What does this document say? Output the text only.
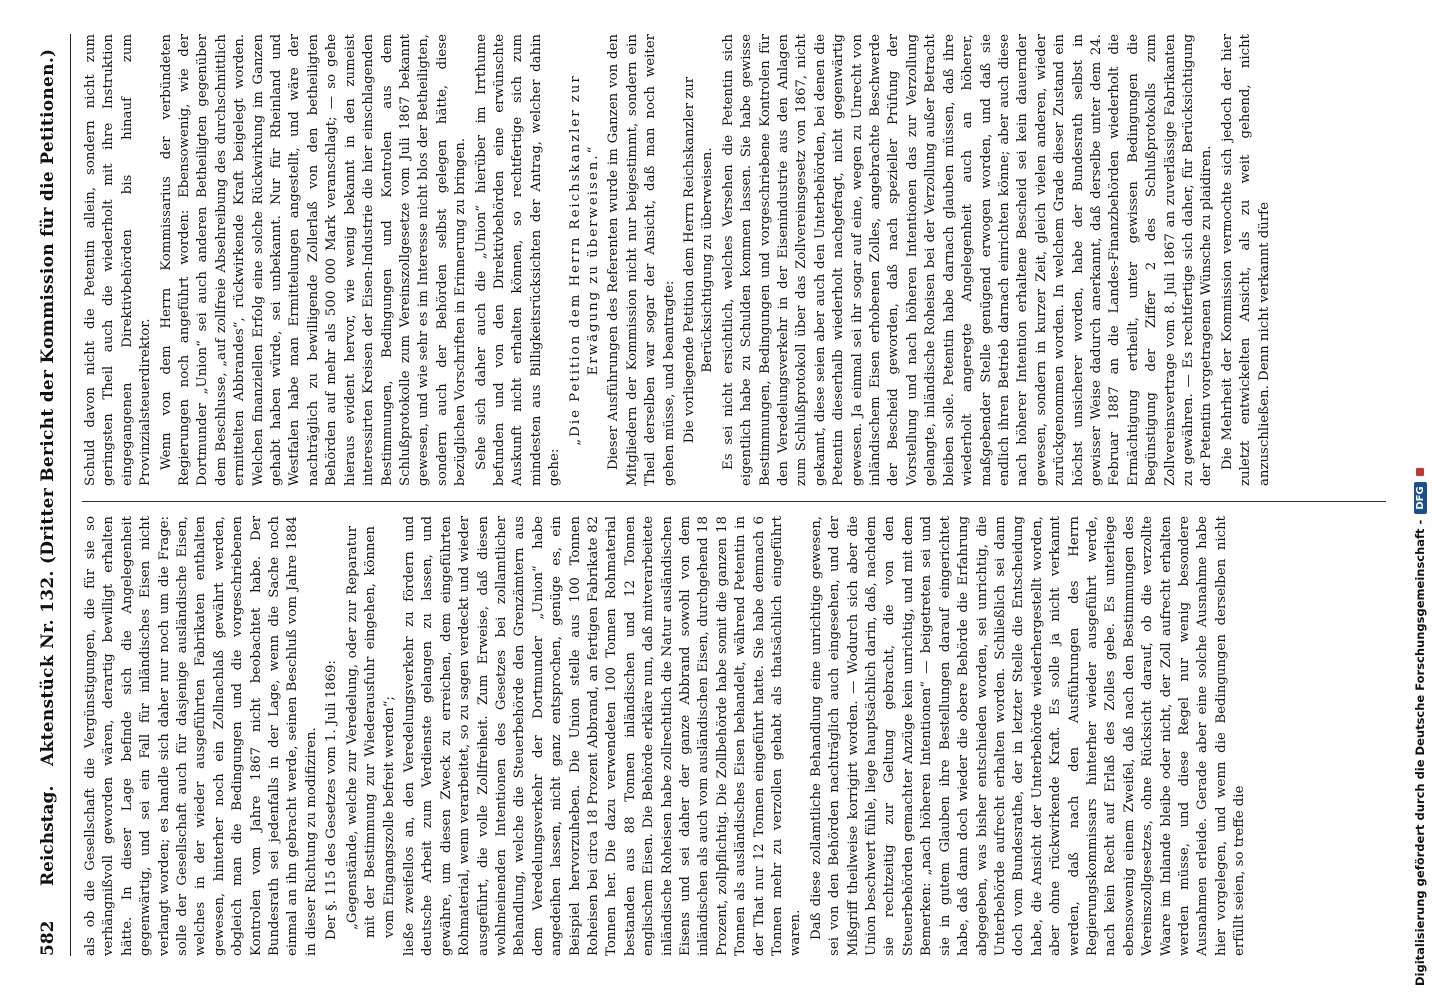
582
Reichstag.
Aktenstück Nr. 132. (Dritter Bericht der Kommission für die Petitionen.) als ob die Gesellschaft die Vergünstigungen, die für sie so verhängnißvoll geworden wären, derartig bewilligt erhalten hätte. In dieser Lage befinde sich die Angelegenheit gegenwärtig, und sei ein Fall für inländisches Eisen nicht verlangt worden; es handle sich daher nur noch um die Frage: solle der Gesellschaft auch für dasjenige ausländische Eisen, welches in der wieder ausgeführten Fabrikaten enthalten gewesen, hinterher noch ein Zollnachlaß gewährt werden, obgleich man die Bedingungen und die vorgeschriebenen Kontrolen vom Jahre 1867 nicht beobachtet habe. Der Bundesrath sei jedenfalls in der Lage, wenn die Sache noch einmal an ihn gebracht werde, seinen Beschluß vom Jahre 1884 in dieser Richtung zu modifiziren. Der §. 115 des Gesetzes vom 1. Juli 1869: „Gegenstände, welche zur Veredelung, oder zur Reparatur mit der Bestimmung zur Wiederausfuhr eingehen, können vom Eingangszolle befreit werden“; ließe zweifellos an, den Veredelungsverkehr zu fördern und deutsche Arbeit zum Verdienste gelangen zu lassen, und gewähre, um diesen Zweck zu erreichen, dem eingeführten Rohmaterial, wenn verarbeitet, so zu sagen verdeckt und wieder ausgeführt, die volle Zollfreiheit. Zum Erweise, daß diesen wohlmeinenden Intentionen des Gesetzes bei zollamtlicher Behandlung, welche die Steuerbehörde den Grenzämtern aus dem Veredelungsverkehr der Dortmunder „Union“ habe angedeihen lassen, nicht ganz entsprochen, genüge es, ein Beispiel hervorzuheben. Die Union stelle aus 100 Tonnen Roheisen bei circa 18 Prozent Abbrand, an fertigen Fabrikate 82 Tonnen her. Die dazu verwendeten 100 Tonnen Rohmaterial bestanden aus 88 Tonnen inländischen und 12 Tonnen englischem Eisen. Die Behörde erkläre nun, daß mitverarbeitete inländische Roheisen habe zollrechtlich die Natur ausländischen Eisens und sei daher der ganze Abbrand sowohl von dem inländischen als auch vom ausländischen Eisen, durchgehend 18 Prozent, zollpflichtig. Die Zollbehörde habe somit die ganzen 18 Tonnen als ausländisches Eisen behandelt, während Petentin in der That nur 12 Tonnen eingeführt hatte. Sie habe demnach 6 Tonnen mehr zu verzollen gehabt als thatsächlich eingeführt waren. Daß diese zollamtliche Behandlung eine unrichtige gewesen, sei von den Behörden nachträglich auch eingesehen, und der Mißgriff theilweise korrigirt worden. — Wodurch sich aber die Union beschwert fühle, liege hauptsächlich darin, daß, nachdem sie rechtzeitig zur Geltung gebracht, die von den Steuerbehörden gemachter Anzüge kein unrichtig, und mit dem Bemerken: „nach höheren Intentionen“ — beigetreten sei und sie in gutem Glauben ihre Bestellungen darauf eingerichtet habe, daß dann doch wieder die obere Behörde die Erfahrung abgegeben, was bisher entschieden worden, sei unrichtig, die Unterbehörde aufrecht erhalten worden. Schließlich sei dann doch vom Bundesrathe, der in letzter Stelle die Entscheidung habe, die Ansicht der Unterbehörde wiederhergestellt worden, aber ohne rückwirkende Kraft. Es solle ja nicht verkannt werden, daß nach den Ausführungen des Herrn Regierungskommissars hinterher wieder ausgeführt werde, nach kein Recht auf Erlaß des Zolles gebe. Es unterliege ebensowenig einem Zweifel, daß nach den Bestimmungen des Vereinszollgesetzes, ohne Rücksicht darauf, ob die verzollte Waare im Inlande bleibe oder nicht, der Zoll aufrecht erhalten werden müsse, und diese Regel nur wenig besondere Ausnahmen erleide. Gerade aber eine solche Ausnahme habe hier vorgelegen, und wenn die Bedingungen derselben nicht erfüllt seien, so treffe die

Schuld davon nicht die Petentin allein, sondern nicht zum geringsten Theil auch die wiederholt mit ihre Instruktion eingegangenen Direktivbehörden bis hinauf zum Provinzialsteuerdirektor. Wenn von dem Herrn Kommissarius der verbündeten Regierungen noch angeführt worden: Ebensowenig, wie der Dortmunder „Union“ sei auch anderen Betheiligten gegenüber dem Beschlusse, „auf zollfreie Absehreibung des durchschnittlich ermittelten Abbrandes“, rückwirkende Kraft beigelegt worden. Welchen finanziellen Erfolg eine solche Rückwirkung im Ganzen gehabt haben würde, sei unbekannt. Nur für Rheinland und Westfalen habe man Ermittelungen angestellt, und wäre der nachträglich zu bewilligende Zollerlaß von den betheiligten Behörden auf mehr als 500 000 Mark veranschlagt; — so gehe hieraus evident hervor, wie wenig bekannt in den zumeist interessirten Kreisen der Eisen-Industrie die hier einschlagenden Bestimmungen, Bedingungen und Kontrolen aus dem Schlußprotokolle zum Vereinszollgesetze vom Juli 1867 bekannt gewesen, und wie sehr es im Interesse nicht blos der Betheiligten, sondern auch der Behörden selbst gelegen hätte, diese bezüglichen Vorschriften in Erinnerung zu bringen. Sehe sich daher auch die „Union“ hierüber im Irrthume befunden und von den Direktivbehörden eine erwünschte Auskunft nicht erhalten können, so rechtfertige sich zum mindesten aus Billigkeitsrücksichten der Antrag, welcher dahin gehe:

„Die Petition dem Herrn Reichskanzler zur Erwägung zu überweisen.“ Dieser Ausführungen des Referenten wurde im Ganzen von den Mitgliedern der Kommission nicht nur beigestimmt, sondern ein Theil derselben war sogar der Ansicht, daß man noch weiter gehen müsse, und beantragte: Die vorliegende Petition dem Herrn Reichskanzler zur Berücksichtigung zu überweisen. Es sei nicht ersichtlich, welches Versehen die Petentin sich eigentlich habe zu Schulden kommen lassen. Sie habe gewisse Bestimmungen, Bedingungen und vorgeschriebene Kontrolen für den Veredelungsverkehr in der Eisenindustrie aus den Anlagen zum Schlußprotokoll über das Zollvereinsgesetz von 1867, nicht gekannt, diese seien aber auch den Unterbehörden, bei denen die Petentin dieserhalb wiederholt nachgefragt, nicht gegenwärtig gewesen. Ja einmal sei ihr sogar auf eine, wegen zu Unrecht von inländischem Eisen erhobenen Zolles, angebrachte Beschwerde der Bescheid geworden, daß nach spezieller Prüfung der Vorstellung und nach höheren Intentionen das zur Verzollung gelangte, inländische Roheisen bei der Verzollung außer Betracht bleiben solle. Petentin habe darnach glauben müssen, daß ihre wiederholt angeregte Angelegenheit auch an höherer, maßgebender Stelle genügend erwogen worden, und daß sie endlich ihren Betrieb darnach einrichten könne; aber auch diese nach höherer Intention erhaltene Bescheid sei kein dauernder gewesen, sondern in kurzer Zeit, gleich vielen anderen, wieder zurückgenommen worden. In welchem Grade dieser Zustand ein höchst unsicherer worden, habe der Bundesrath selbst in gewisser Weise dadurch anerkannt, daß derselbe unter dem 24. Februar 1887 an die Landes-Finanzbehörden wiederholt die Ermächtigung ertheilt, unter gewissen Bedingungen die Begünstigung der Ziffer 2 des Schlußprotokolls zum Zollvereinsvertrage vom 8. Juli 1867 an zuverlässige Fabrikanten zu gewähren. — Es rechtfertige sich daher, für Berücksichtigung der Petentin vorgetragenen Wünsche zu plaidiren. Die Mehrheit der Kommission vermochte sich jedoch der hier zuletzt entwickelten Ansicht, als zu weit gehend, nicht anzuschließen. Denn nicht verkannt dürfe

Digitalisierung gefördert durch die Deutsche Forschungsgemeinschaft -
DFG
